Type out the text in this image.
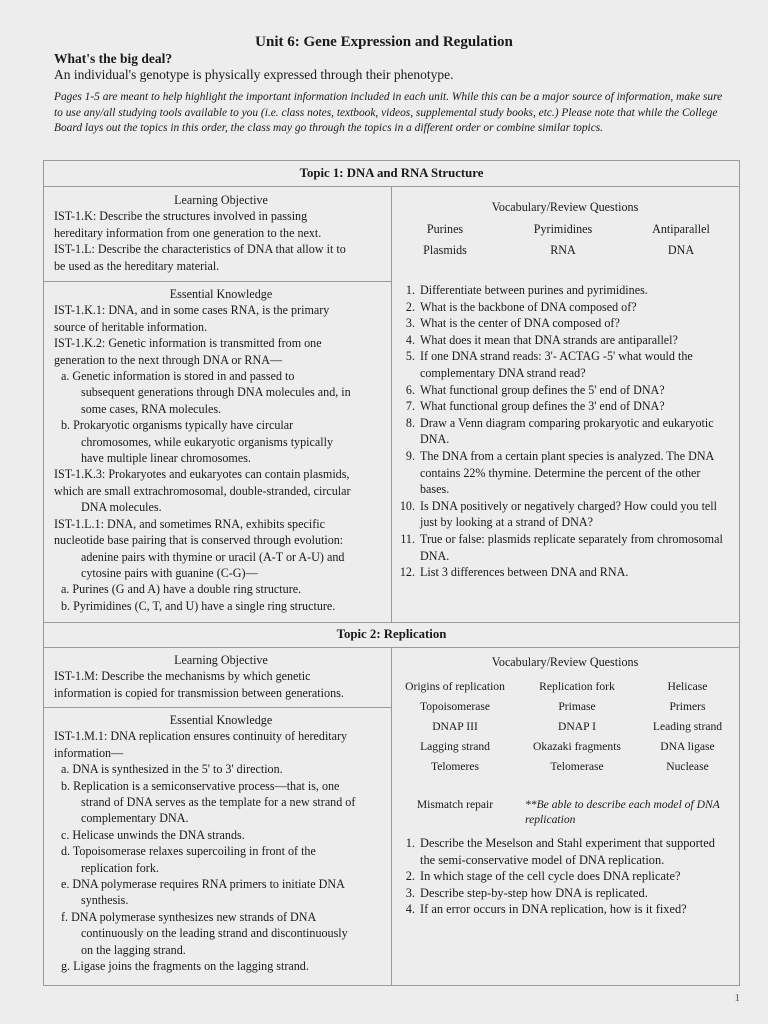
Unit 6: Gene Expression and Regulation
What's the big deal?
An individual's genotype is physically expressed through their phenotype.
Pages 1-5 are meant to help highlight the important information included in each unit. While this can be a major source of information, make sure to use any/all studying tools available to you (i.e. class notes, textbook, videos, supplemental study books, etc.) Please note that while the College Board lays out the topics in this order, the class may go through the topics in a different order or combine similar topics.
Topic 1: DNA and RNA Structure
Learning Objective
IST-1.K: Describe the structures involved in passing
hereditary information from one generation to the next.
IST-1.L: Describe the characteristics of DNA that allow it to
be used as the hereditary material.
Vocabulary/Review Questions
Purines	Pyrimidines	Antiparallel
Plasmids	RNA	DNA
Essential Knowledge
IST-1.K.1: DNA, and in some cases RNA, is the primary
source of heritable information.
IST-1.K.2: Genetic information is transmitted from one
generation to the next through DNA or RNA—
a. Genetic information is stored in and passed to
subsequent generations through DNA molecules and, in
some cases, RNA molecules.
b. Prokaryotic organisms typically have circular
chromosomes, while eukaryotic organisms typically
have multiple linear chromosomes.
IST-1.K.3: Prokaryotes and eukaryotes can contain plasmids,
which are small extrachromosomal, double-stranded, circular
DNA molecules.
IST-1.L.1: DNA, and sometimes RNA, exhibits specific
nucleotide base pairing that is conserved through evolution:
adenine pairs with thymine or uracil (A-T or A-U) and
cytosine pairs with guanine (C-G)—
a. Purines (G and A) have a double ring structure.
b. Pyrimidines (C, T, and U) have a single ring structure.
1. Differentiate between purines and pyrimidines.
2. What is the backbone of DNA composed of?
3. What is the center of DNA composed of?
4. What does it mean that DNA strands are antiparallel?
5. If one DNA strand reads: 3'- ACTAG -5' what would the complementary DNA strand read?
6. What functional group defines the 5' end of DNA?
7. What functional group defines the 3' end of DNA?
8. Draw a Venn diagram comparing prokaryotic and eukaryotic DNA.
9. The DNA from a certain plant species is analyzed. The DNA contains 22% thymine. Determine the percent of the other bases.
10. Is DNA positively or negatively charged? How could you tell just by looking at a strand of DNA?
11. True or false: plasmids replicate separately from chromosomal DNA.
12. List 3 differences between DNA and RNA.
Topic 2: Replication
Learning Objective
IST-1.M: Describe the mechanisms by which genetic
information is copied for transmission between generations.
Vocabulary/Review Questions
Origins of replication	Replication fork	Helicase
Topoisomerase	Primase	Primers
DNAP III	DNAP I	Leading strand
Lagging strand	Okazaki fragments	DNA ligase
Telomeres	Telomerase	Nuclease
Mismatch repair	**Be able to describe each model of DNA replication
Essential Knowledge
IST-1.M.1: DNA replication ensures continuity of hereditary
information—
a. DNA is synthesized in the 5' to 3' direction.
b. Replication is a semiconservative process—that is, one
strand of DNA serves as the template for a new strand of
complementary DNA.
c. Helicase unwinds the DNA strands.
d. Topoisomerase relaxes supercoiling in front of the
replication fork.
e. DNA polymerase requires RNA primers to initiate DNA
synthesis.
f. DNA polymerase synthesizes new strands of DNA
continuously on the leading strand and discontinuously
on the lagging strand.
g. Ligase joins the fragments on the lagging strand.
1. Describe the Meselson and Stahl experiment that supported the semi-conservative model of DNA replication.
2. In which stage of the cell cycle does DNA replicate?
3. Describe step-by-step how DNA is replicated.
4. If an error occurs in DNA replication, how is it fixed?
1
